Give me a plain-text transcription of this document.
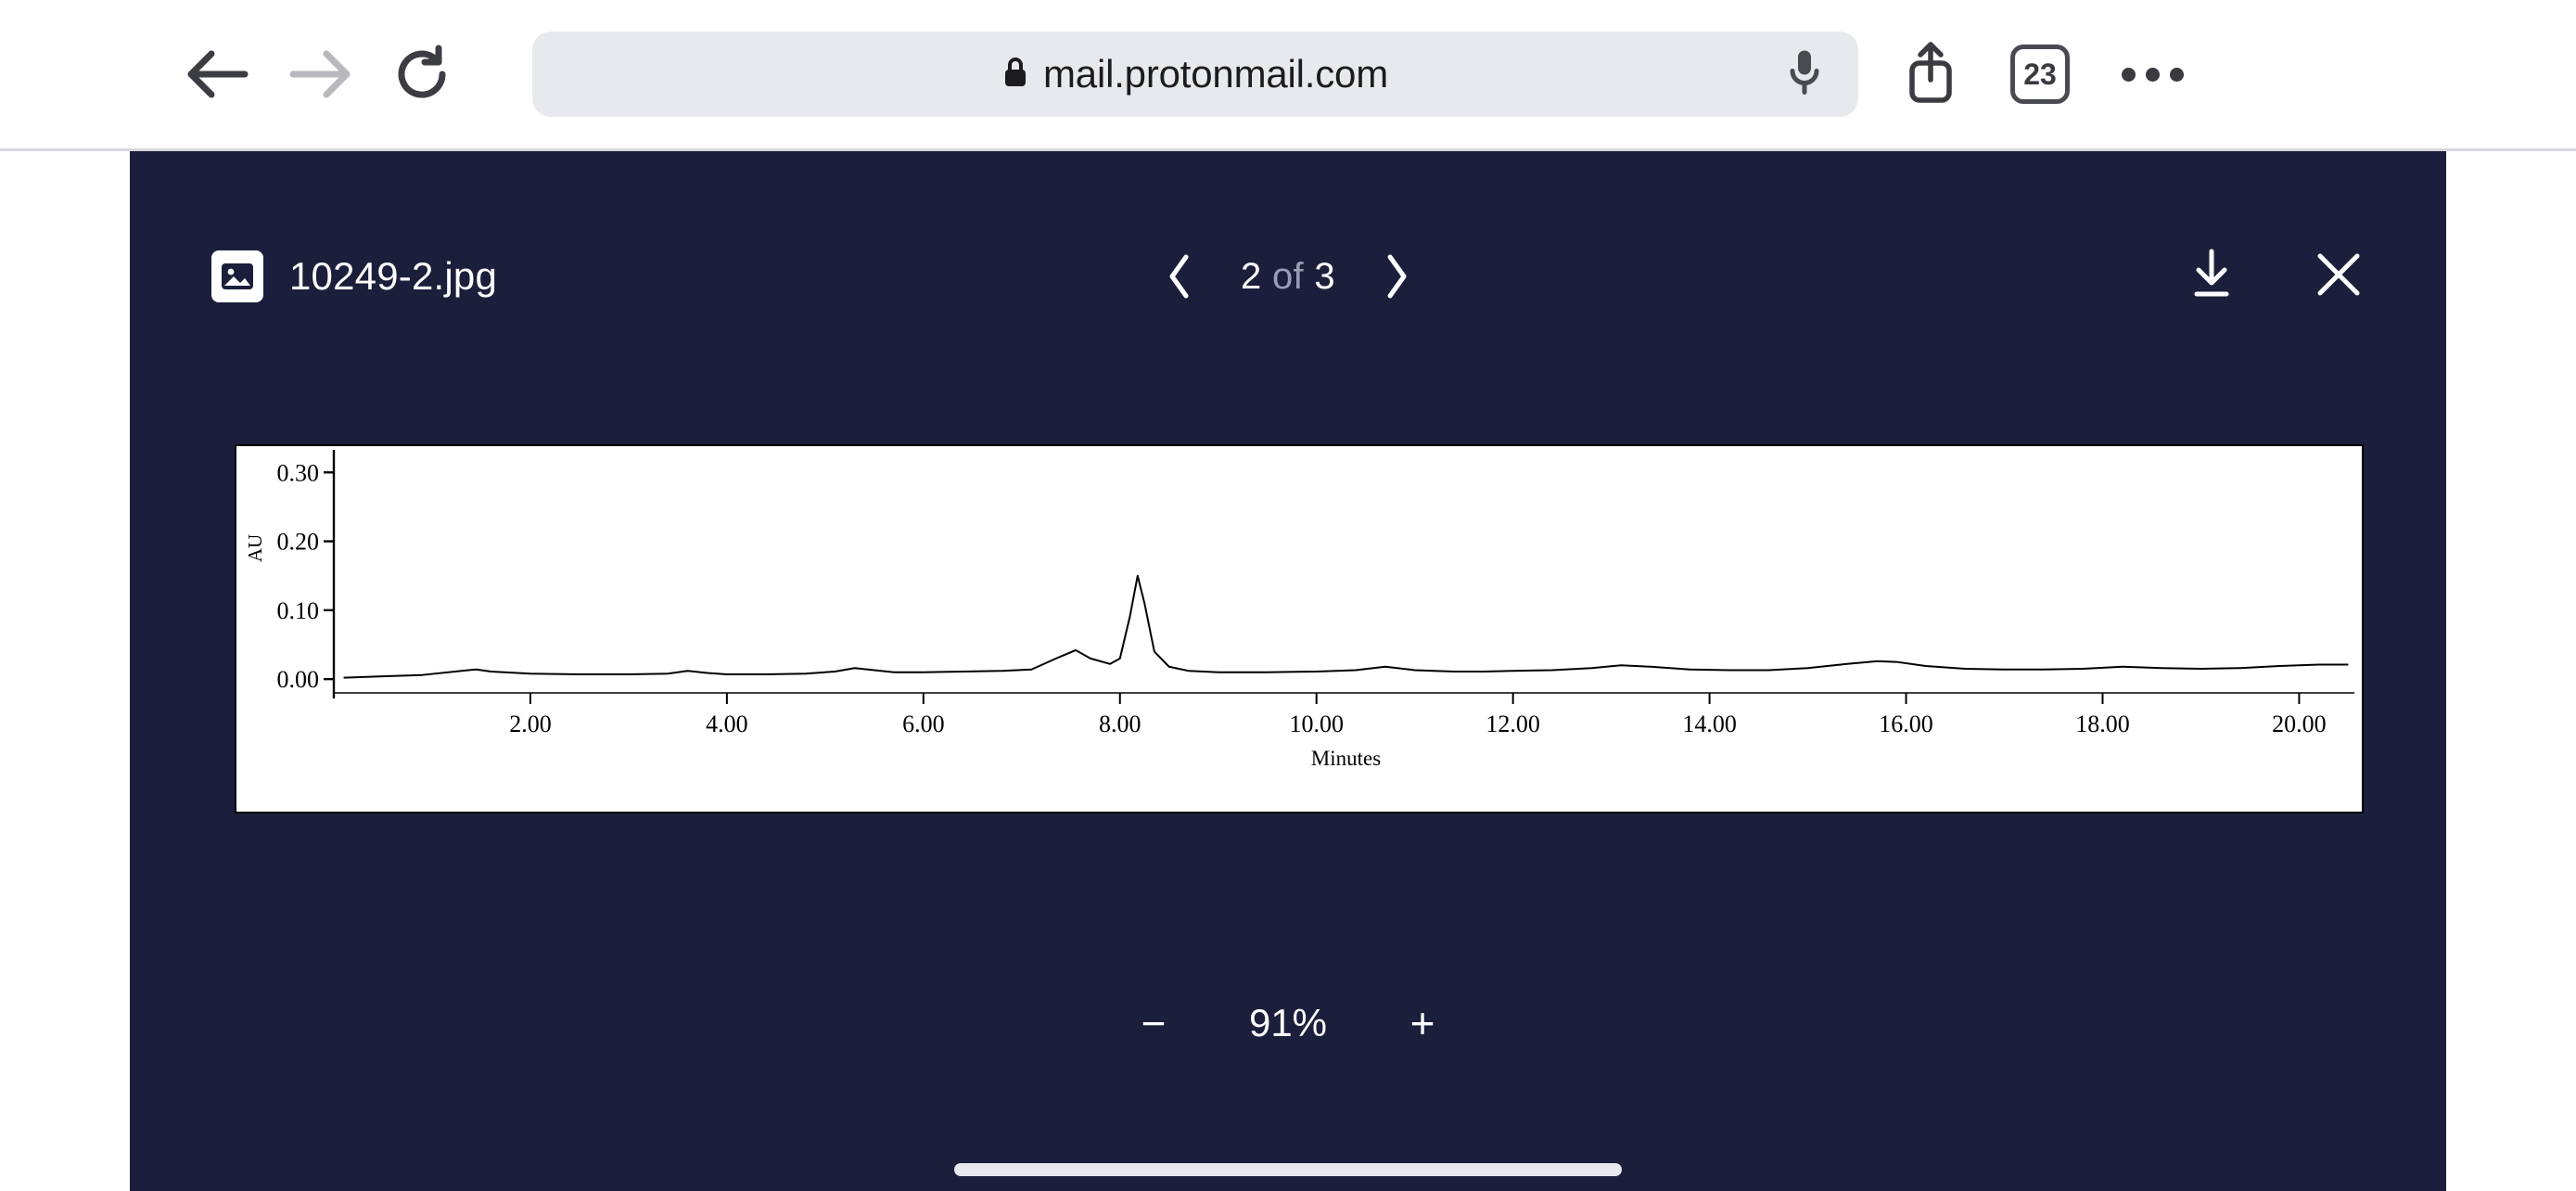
mail.protonmail.com	23
10249-2.jpg	2 of 3
0.00
0.10
0.20
0.30
2.00	4.00	6.00	8.00	10.00	12.00	14.00	16.00	18.00	20.00
Minutes
AU
−	91%	+
